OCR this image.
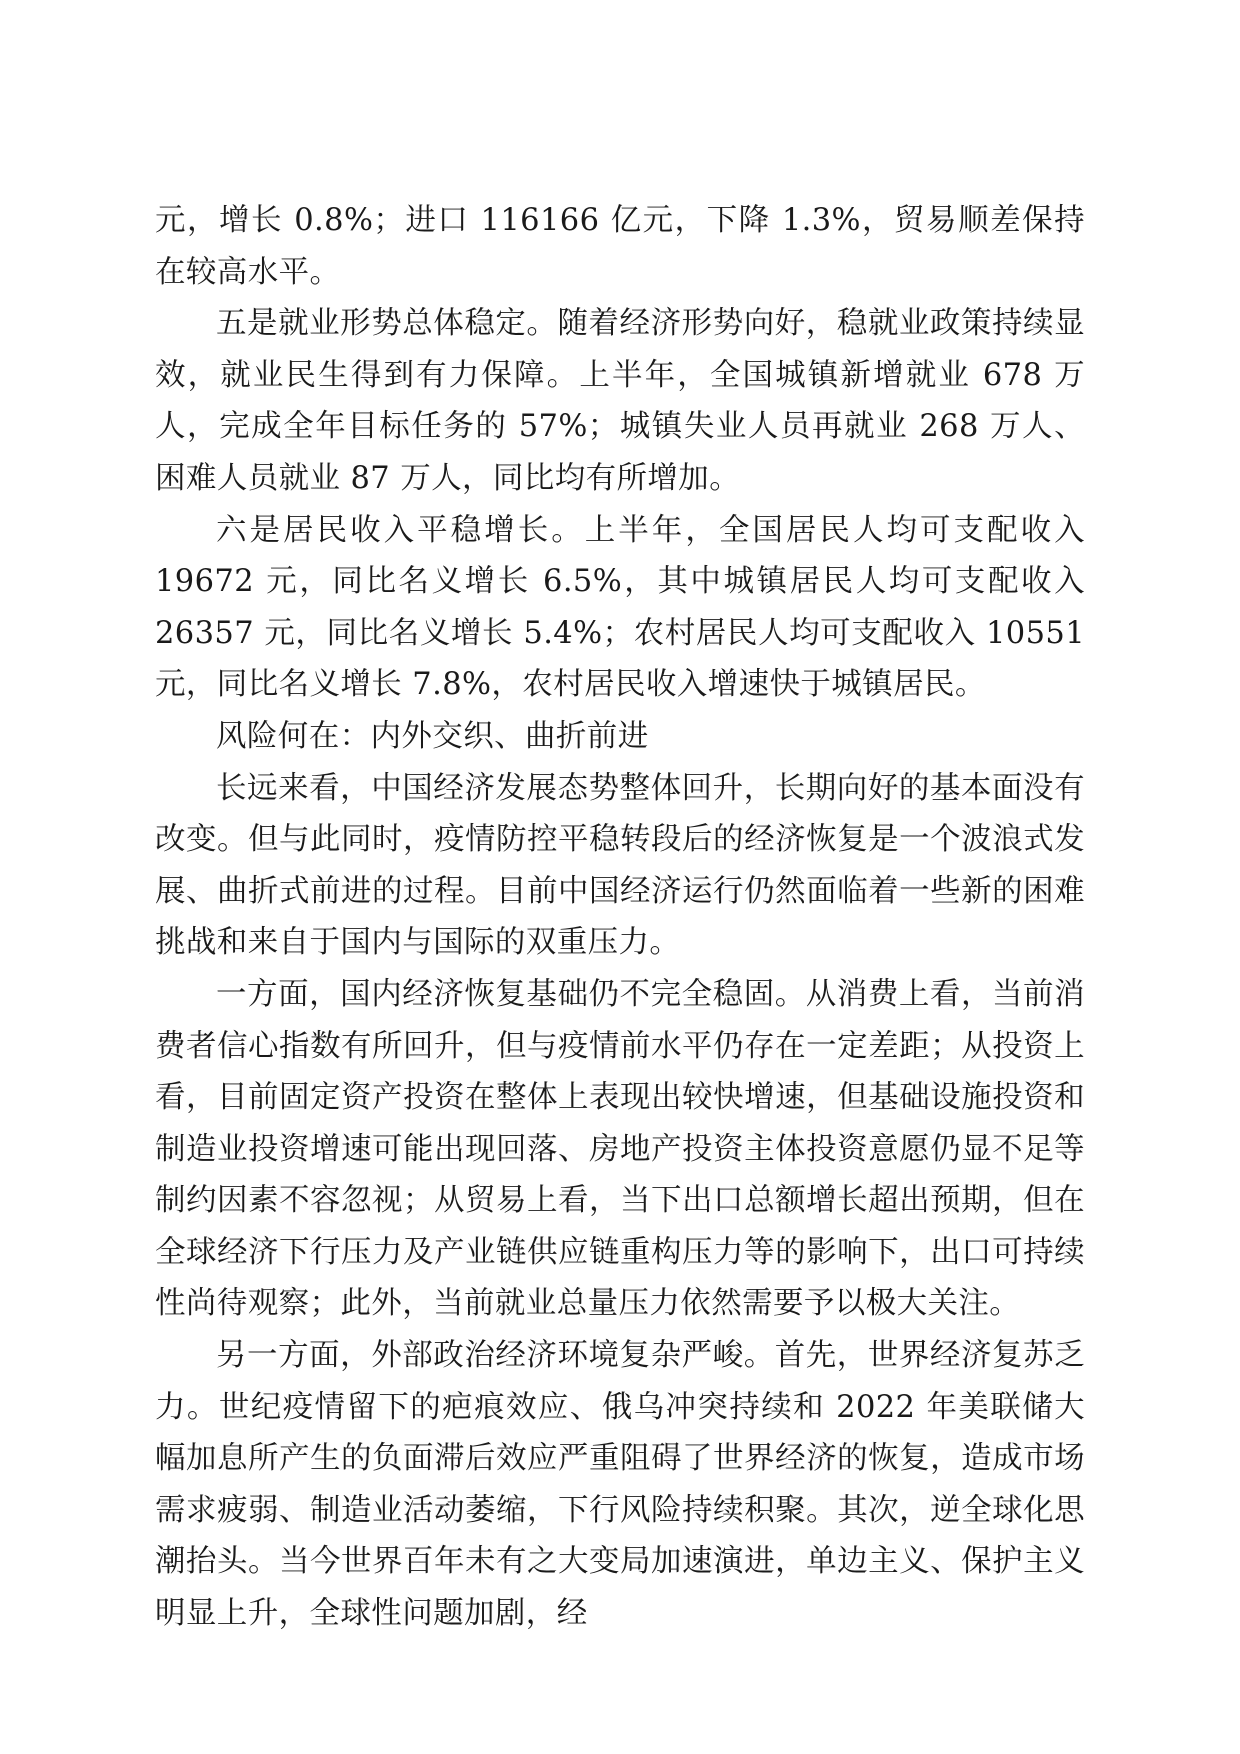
元，增长 0.8%；进口 116166 亿元，下降 1.3%，贸易顺差保持在较高水平。

五是就业形势总体稳定。随着经济形势向好，稳就业政策持续显效，就业民生得到有力保障。上半年，全国城镇新增就业 678 万人，完成全年目标任务的 57%；城镇失业人员再就业 268 万人、困难人员就业 87 万人，同比均有所增加。

六是居民收入平稳增长。上半年，全国居民人均可支配收入 19672 元，同比名义增长 6.5%，其中城镇居民人均可支配收入 26357 元，同比名义增长 5.4%；农村居民人均可支配收入 10551 元，同比名义增长 7.8%，农村居民收入增速快于城镇居民。

风险何在：内外交织、曲折前进

长远来看，中国经济发展态势整体回升，长期向好的基本面没有改变。但与此同时，疫情防控平稳转段后的经济恢复是一个波浪式发展、曲折式前进的过程。目前中国经济运行仍然面临着一些新的困难挑战和来自于国内与国际的双重压力。

一方面，国内经济恢复基础仍不完全稳固。从消费上看，当前消费者信心指数有所回升，但与疫情前水平仍存在一定差距；从投资上看，目前固定资产投资在整体上表现出较快增速，但基础设施投资和制造业投资增速可能出现回落、房地产投资主体投资意愿仍显不足等制约因素不容忽视；从贸易上看，当下出口总额增长超出预期，但在全球经济下行压力及产业链供应链重构压力等的影响下，出口可持续性尚待观察；此外，当前就业总量压力依然需要予以极大关注。

另一方面，外部政治经济环境复杂严峻。首先，世界经济复苏乏力。世纪疫情留下的疤痕效应、俄乌冲突持续和 2022 年美联储大幅加息所产生的负面滞后效应严重阻碍了世界经济的恢复，造成市场需求疲弱、制造业活动萎缩，下行风险持续积聚。其次，逆全球化思潮抬头。当今世界百年未有之大变局加速演进，单边主义、保护主义明显上升，全球性问题加剧，经
